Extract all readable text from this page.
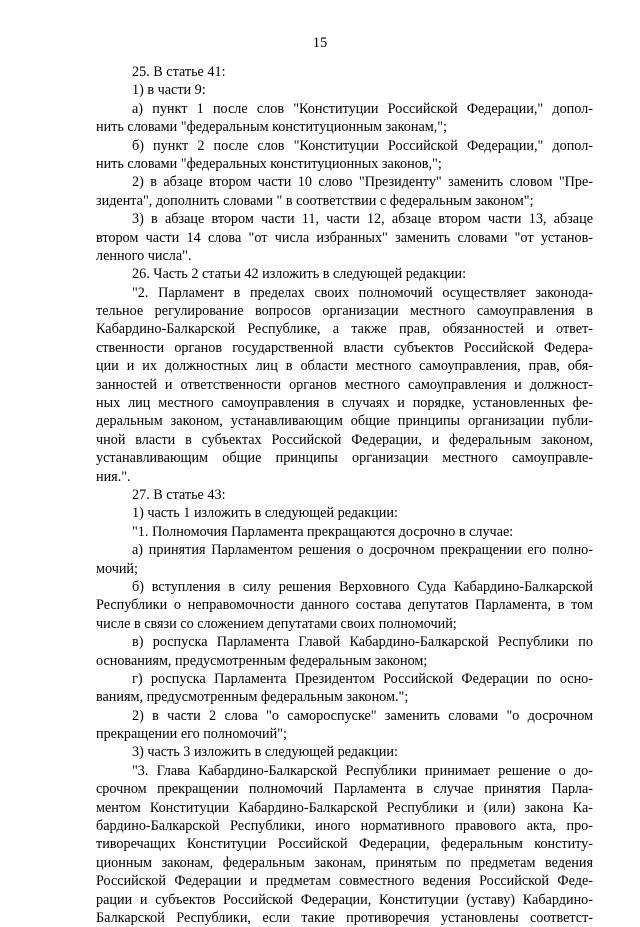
15
25. В статье 41:
1) в части 9:
а) пункт 1 после слов "Конституции Российской Федерации," допол-
нить словами "федеральным конституционным законам,";
б) пункт 2 после слов "Конституции Российской Федерации," допол-
нить словами "федеральных конституционных законов,";
2) в абзаце втором части 10 слово "Президенту" заменить словом "Пре-
зидента", дополнить словами " в соответствии с федеральным законом";
3) в абзаце втором части 11, части 12, абзаце втором части 13, абзаце
втором части 14 слова "от числа избранных" заменить словами "от установ-
ленного числа".
26. Часть 2 статьи 42 изложить в следующей редакции:
"2. Парламент в пределах своих полномочий осуществляет законода-
тельное регулирование вопросов организации местного самоуправления в
Кабардино-Балкарской Республике, а также прав, обязанностей и ответ-
ственности органов государственной власти субъектов Российской Федера-
ции и их должностных лиц в области местного самоуправления, прав, обя-
занностей и ответственности органов местного самоуправления и должност-
ных лиц местного самоуправления в случаях и порядке, установленных фе-
деральным законом, устанавливающим общие принципы организации публи-
чной власти в субъектах Российской Федерации, и федеральным законом,
устанавливающим общие принципы организации местного самоуправле-
ния.".
27. В статье 43:
1) часть 1 изложить в следующей редакции:
"1. Полномочия Парламента прекращаются досрочно в случае:
а) принятия Парламентом решения о досрочном прекращении его полно-
мочий;
б) вступления в силу решения Верховного Суда Кабардино-Балкарской
Республики о неправомочности данного состава депутатов Парламента, в том
числе в связи со сложением депутатами своих полномочий;
в) роспуска Парламента Главой Кабардино-Балкарской Республики по
основаниям, предусмотренным федеральным законом;
г) роспуска Парламента Президентом Российской Федерации по осно-
ваниям, предусмотренным федеральным законом.";
2) в части 2 слова "о самороспуске" заменить словами "о досрочном
прекращении его полномочий";
3) часть 3 изложить в следующей редакции:
"3. Глава Кабардино-Балкарской Республики принимает решение о до-
срочном прекращении полномочий Парламента в случае принятия Парла-
ментом Конституции Кабардино-Балкарской Республики и (или) закона Ка-
бардино-Балкарской Республики, иного нормативного правового акта, про-
тиворечащих Конституции Российской Федерации, федеральным конститу-
ционным законам, федеральным законам, принятым по предметам ведения
Российской Федерации и предметам совместного ведения Российской Феде-
рации и субъектов Российской Федерации, Конституции (уставу) Кабардино-
Балкарской Республики, если такие противоречия установлены соответст-
